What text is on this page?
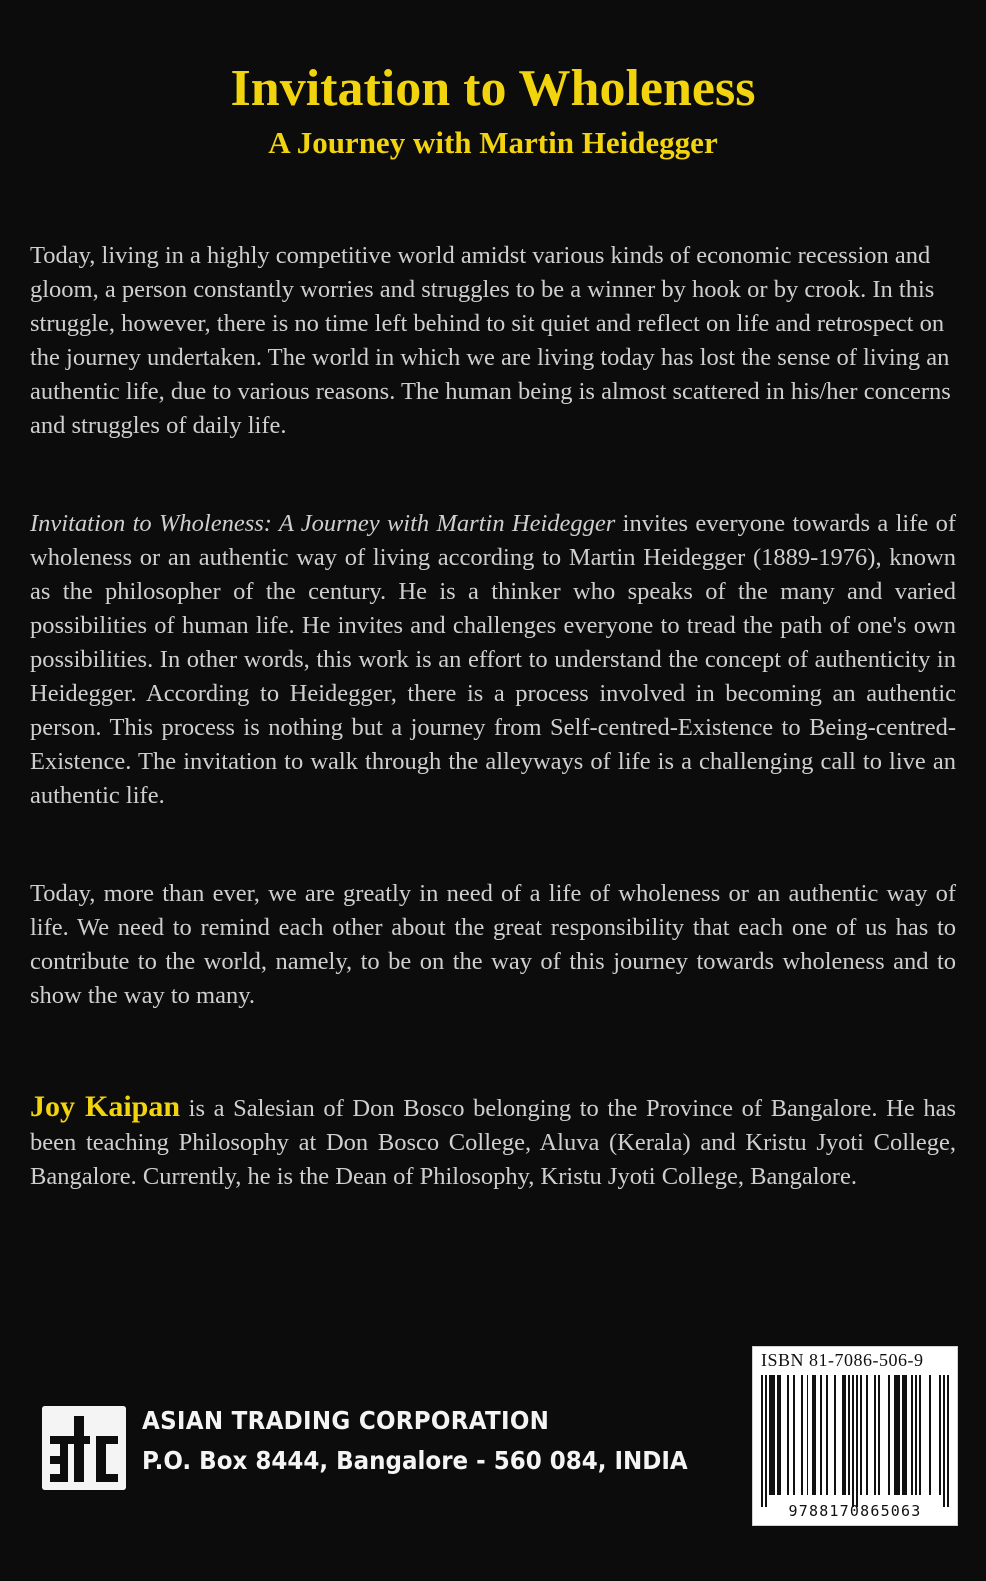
Invitation to Wholeness
A Journey with Martin Heidegger

Today, living in a highly competitive world amidst various kinds of economic recession and gloom, a person constantly worries and struggles to be a winner by hook or by crook. In this struggle, however, there is no time left behind to sit quiet and reflect on life and retrospect on the journey undertaken. The world in which we are living today has lost the sense of living an authentic life, due to various reasons. The human being is almost scattered in his/her concerns and struggles of daily life.

Invitation to Wholeness: A Journey with Martin Heidegger invites everyone towards a life of wholeness or an authentic way of living according to Martin Heidegger (1889-1976), known as the philosopher of the century. He is a thinker who speaks of the many and varied possibilities of human life. He invites and challenges everyone to tread the path of one's own possibilities. In other words, this work is an effort to understand the concept of authenticity in Heidegger. According to Heidegger, there is a process involved in becoming an authentic person. This process is nothing but a journey from Self-centred-Existence to Being-centred-Existence. The invitation to walk through the alleyways of life is a challenging call to live an authentic life.

Today, more than ever, we are greatly in need of a life of wholeness or an authentic way of life. We need to remind each other about the great responsibility that each one of us has to contribute to the world, namely, to be on the way of this journey towards wholeness and to show the way to many.

Joy Kaipan is a Salesian of Don Bosco belonging to the Province of Bangalore. He has been teaching Philosophy at Don Bosco College, Aluva (Kerala) and Kristu Jyoti College, Bangalore. Currently, he is the Dean of Philosophy, Kristu Jyoti College, Bangalore.

ASIAN TRADING CORPORATION

P.O. Box 8444, Bangalore - 560 084, INDIA

ISBN 81-7086-506-9

9788170865063
